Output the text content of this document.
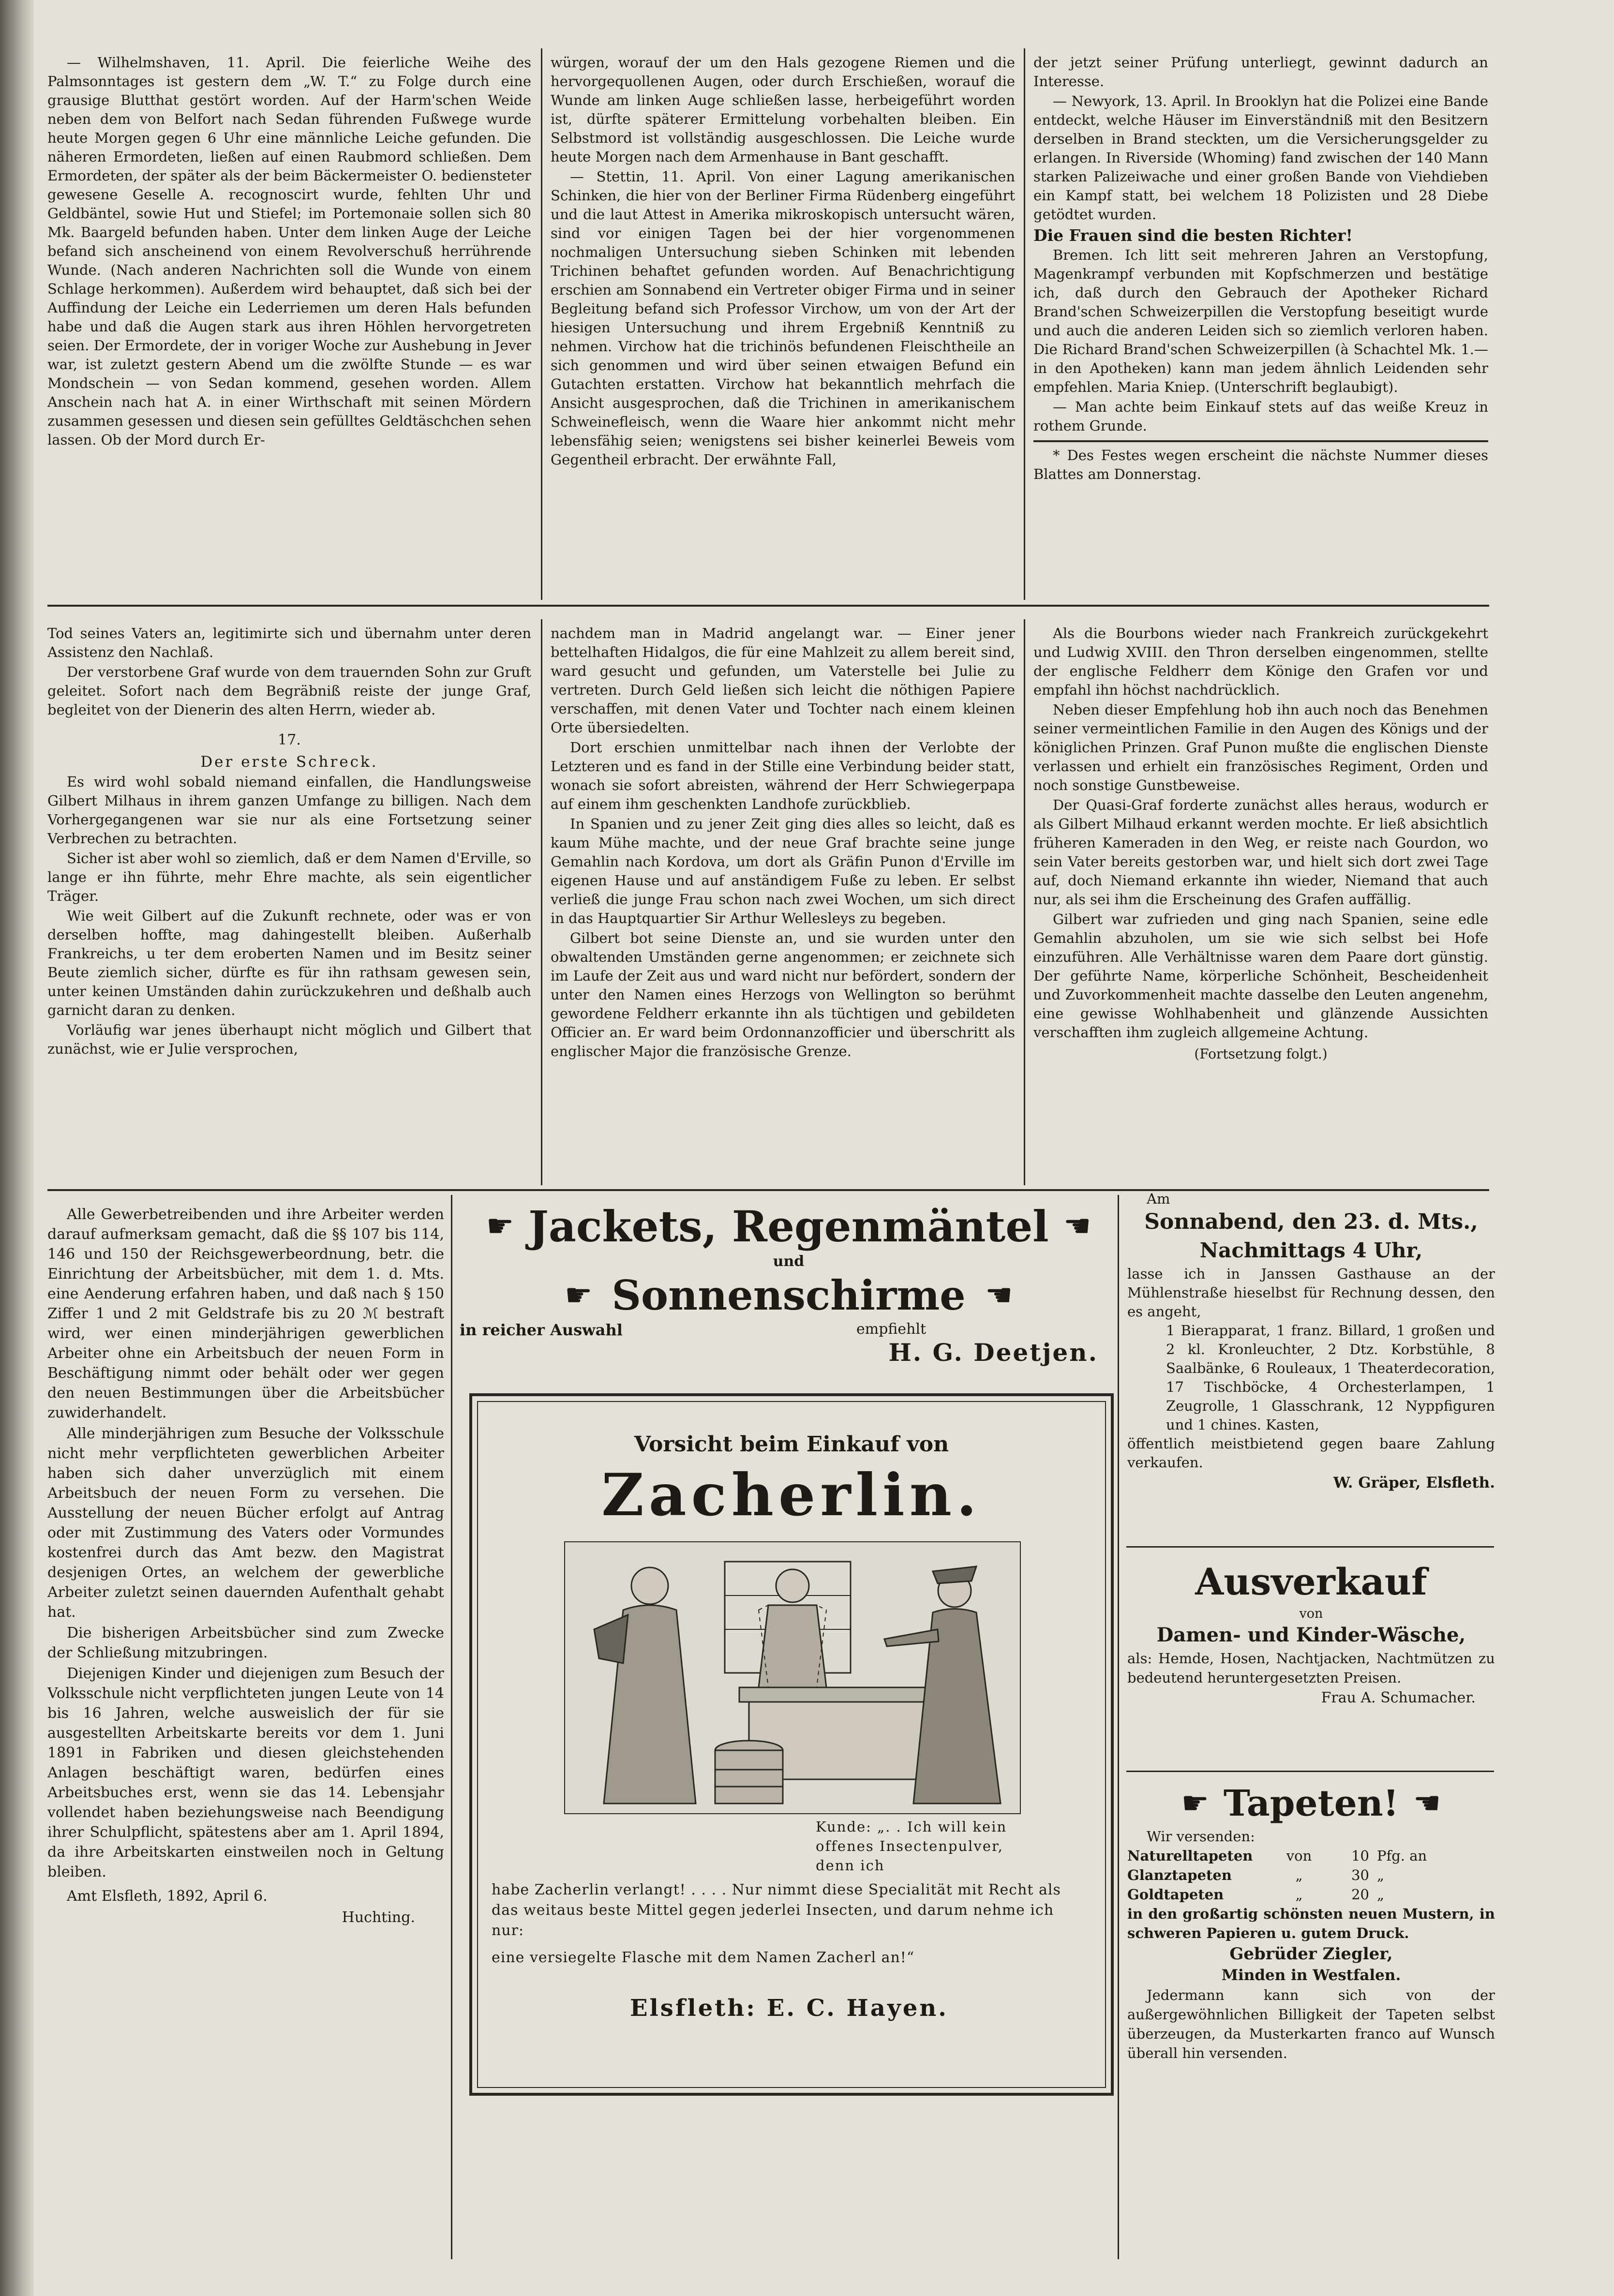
— Wilhelmshaven, 11. April. Die feierliche Weihe des Palmsonntages ist gestern dem „W. T.“ zu Folge durch eine grausige Blutthat gestört worden. Auf der Harm'schen Weide neben dem von Belfort nach Sedan führenden Fußwege wurde heute Morgen gegen 6 Uhr eine männliche Leiche gefunden. Die näheren Ermordeten, ließen auf einen Raubmord schließen. Dem Ermordeten, der später als der beim Bäckermeister O. bediensteter gewesene Geselle A. recognoscirt wurde, fehlten Uhr und Geldbäntel, sowie Hut und Stiefel; im Portemonaie sollen sich 80 Mk. Baargeld befunden haben. Unter dem linken Auge der Leiche befand sich anscheinend von einem Revolverschuß herrührende Wunde. (Nach anderen Nachrichten soll die Wunde von einem Schlage herkommen). Außerdem wird behauptet, daß sich bei der Auffindung der Leiche ein Lederriemen um deren Hals befunden habe und daß die Augen stark aus ihren Höhlen hervorgetreten seien. Der Ermordete, der in voriger Woche zur Aushebung in Jever war, ist zuletzt gestern Abend um die zwölfte Stunde — es war Mondschein — von Sedan kommend, gesehen worden. Allem Anschein nach hat A. in einer Wirthschaft mit seinen Mördern zusammen gesessen und diesen sein gefülltes Geldtäschchen sehen lassen. Ob der Mord durch Er-

würgen, worauf der um den Hals gezogene Riemen und die hervorgequollenen Augen, oder durch Erschießen, worauf die Wunde am linken Auge schließen lasse, herbeigeführt worden ist, dürfte späterer Ermittelung vorbehalten bleiben. Ein Selbstmord ist vollständig ausgeschlossen. Die Leiche wurde heute Morgen nach dem Armenhause in Bant geschafft.

— Stettin, 11. April. Von einer Lagung amerikanischen Schinken, die hier von der Berliner Firma Rüdenberg eingeführt und die laut Attest in Amerika mikroskopisch untersucht wären, sind vor einigen Tagen bei der hier vorgenommenen nochmaligen Untersuchung sieben Schinken mit lebenden Trichinen behaftet gefunden worden. Auf Benachrichtigung erschien am Sonnabend ein Vertreter obiger Firma und in seiner Begleitung befand sich Professor Virchow, um von der Art der hiesigen Untersuchung und ihrem Ergebniß Kenntniß zu nehmen. Virchow hat die trichinös befundenen Fleischtheile an sich genommen und wird über seinen etwaigen Befund ein Gutachten erstatten. Virchow hat bekanntlich mehrfach die Ansicht ausgesprochen, daß die Trichinen in amerikanischem Schweinefleisch, wenn die Waare hier ankommt nicht mehr lebensfähig seien; wenigstens sei bisher keinerlei Beweis vom Gegentheil erbracht. Der erwähnte Fall,

der jetzt seiner Prüfung unterliegt, gewinnt dadurch an Interesse.

— Newyork, 13. April. In Brooklyn hat die Polizei eine Bande entdeckt, welche Häuser im Einverständniß mit den Besitzern derselben in Brand steckten, um die Versicherungsgelder zu erlangen. In Riverside (Whoming) fand zwischen der 140 Mann starken Palizeiwache und einer großen Bande von Viehdieben ein Kampf statt, bei welchem 18 Polizisten und 28 Diebe getödtet wurden.

Die Frauen sind die besten Richter!

Bremen. Ich litt seit mehreren Jahren an Verstopfung, Magenkrampf verbunden mit Kopfschmerzen und bestätige ich, daß durch den Gebrauch der Apotheker Richard Brand'schen Schweizerpillen die Verstopfung beseitigt wurde und auch die anderen Leiden sich so ziemlich verloren haben. Die Richard Brand'schen Schweizerpillen (à Schachtel Mk. 1.— in den Apotheken) kann man jedem ähnlich Leidenden sehr empfehlen. Maria Kniep. (Unterschrift beglaubigt).

— Man achte beim Einkauf stets auf das weiße Kreuz in rothem Grunde.

* Des Festes wegen erscheint die nächste Nummer dieses Blattes am Donnerstag.

Tod seines Vaters an, legitimirte sich und übernahm unter deren Assistenz den Nachlaß.

Der verstorbene Graf wurde von dem trauernden Sohn zur Gruft geleitet. Sofort nach dem Begräbniß reiste der junge Graf, begleitet von der Dienerin des alten Herrn, wieder ab.

17.
Der erste Schreck.

Es wird wohl sobald niemand einfallen, die Handlungsweise Gilbert Milhaus in ihrem ganzen Umfange zu billigen. Nach dem Vorhergegangenen war sie nur als eine Fortsetzung seiner Verbrechen zu betrachten.

Sicher ist aber wohl so ziemlich, daß er dem Namen d'Erville, so lange er ihn führte, mehr Ehre machte, als sein eigentlicher Träger.

Wie weit Gilbert auf die Zukunft rechnete, oder was er von derselben hoffte, mag dahingestellt bleiben. Außerhalb Frankreichs, u ter dem eroberten Namen und im Besitz seiner Beute ziemlich sicher, dürfte es für ihn rathsam gewesen sein, unter keinen Umständen dahin zurückzukehren und deßhalb auch garnicht daran zu denken.

Vorläufig war jenes überhaupt nicht möglich und Gilbert that zunächst, wie er Julie versprochen,

nachdem man in Madrid angelangt war. — Einer jener bettelhaften Hidalgos, die für eine Mahlzeit zu allem bereit sind, ward gesucht und gefunden, um Vaterstelle bei Julie zu vertreten. Durch Geld ließen sich leicht die nöthigen Papiere verschaffen, mit denen Vater und Tochter nach einem kleinen Orte übersiedelten.

Dort erschien unmittelbar nach ihnen der Verlobte der Letzteren und es fand in der Stille eine Verbindung beider statt, wonach sie sofort abreisten, während der Herr Schwiegerpapa auf einem ihm geschenkten Landhofe zurückblieb.

In Spanien und zu jener Zeit ging dies alles so leicht, daß es kaum Mühe machte, und der neue Graf brachte seine junge Gemahlin nach Kordova, um dort als Gräfin Punon d'Erville im eigenen Hause und auf anständigem Fuße zu leben. Er selbst verließ die junge Frau schon nach zwei Wochen, um sich direct in das Hauptquartier Sir Arthur Wellesleys zu begeben.

Gilbert bot seine Dienste an, und sie wurden unter den obwaltenden Umständen gerne angenommen; er zeichnete sich im Laufe der Zeit aus und ward nicht nur befördert, sondern der unter den Namen eines Herzogs von Wellington so berühmt gewordene Feldherr erkannte ihn als tüchtigen und gebildeten Officier an. Er ward beim Ordonnanzofficier und überschritt als englischer Major die französische Grenze.

Als die Bourbons wieder nach Frankreich zurückgekehrt und Ludwig XVIII. den Thron derselben eingenommen, stellte der englische Feldherr dem Könige den Grafen vor und empfahl ihn höchst nachdrücklich.

Neben dieser Empfehlung hob ihn auch noch das Benehmen seiner vermeintlichen Familie in den Augen des Königs und der königlichen Prinzen. Graf Punon mußte die englischen Dienste verlassen und erhielt ein französisches Regiment, Orden und noch sonstige Gunstbeweise.

Der Quasi-Graf forderte zunächst alles heraus, wodurch er als Gilbert Milhaud erkannt werden mochte. Er ließ absichtlich früheren Kameraden in den Weg, er reiste nach Gourdon, wo sein Vater bereits gestorben war, und hielt sich dort zwei Tage auf, doch Niemand erkannte ihn wieder, Niemand that auch nur, als sei ihm die Erscheinung des Grafen auffällig.

Gilbert war zufrieden und ging nach Spanien, seine edle Gemahlin abzuholen, um sie wie sich selbst bei Hofe einzuführen. Alle Verhältnisse waren dem Paare dort günstig. Der geführte Name, körperliche Schönheit, Bescheidenheit und Zuvorkommenheit machte dasselbe den Leuten angenehm, eine gewisse Wohlhabenheit und glänzende Aussichten verschafften ihm zugleich allgemeine Achtung.

(Fortsetzung folgt.)

Alle Gewerbetreibenden und ihre Arbeiter werden darauf aufmerksam gemacht, daß die §§ 107 bis 114, 146 und 150 der Reichsgewerbeordnung, betr. die Einrichtung der Arbeitsbücher, mit dem 1. d. Mts. eine Aenderung erfahren haben, und daß nach § 150 Ziffer 1 und 2 mit Geldstrafe bis zu 20 ℳ bestraft wird, wer einen minderjährigen gewerblichen Arbeiter ohne ein Arbeitsbuch der neuen Form in Beschäftigung nimmt oder behält oder wer gegen den neuen Bestimmungen über die Arbeitsbücher zuwiderhandelt.

Alle minderjährigen zum Besuche der Volksschule nicht mehr verpflichteten gewerblichen Arbeiter haben sich daher unverzüglich mit einem Arbeitsbuch der neuen Form zu versehen. Die Ausstellung der neuen Bücher erfolgt auf Antrag oder mit Zustimmung des Vaters oder Vormundes kostenfrei durch das Amt bezw. den Magistrat desjenigen Ortes, an welchem der gewerbliche Arbeiter zuletzt seinen dauernden Aufenthalt gehabt hat.

Die bisherigen Arbeitsbücher sind zum Zwecke der Schließung mitzubringen.

Diejenigen Kinder und diejenigen zum Besuch der Volksschule nicht verpflichteten jungen Leute von 14 bis 16 Jahren, welche ausweislich der für sie ausgestellten Arbeitskarte bereits vor dem 1. Juni 1891 in Fabriken und diesen gleichstehenden Anlagen beschäftigt waren, bedürfen eines Arbeitsbuches erst, wenn sie das 14. Lebensjahr vollendet haben beziehungsweise nach Beendigung ihrer Schulpflicht, spätestens aber am 1. April 1894, da ihre Arbeitskarten einstweilen noch in Geltung bleiben.

Amt Elsfleth, 1892, April 6.
Huchting.
☛ Jackets, Regenmäntel ☛
und
☛ Sonnenschirme ☛
in reicher Auswahl	empfiehlt
H. G. Deetjen.
Vorsicht beim Einkauf von
Zacherlin.
Kunde: „. . Ich will kein offenes Insectenpulver, denn ich
habe Zacherlin verlangt! . . . . Nur nimmt diese Specialität mit Recht als das weitaus beste Mittel gegen jederlei Insecten, und darum nehme ich nur:
eine versiegelte Flasche mit dem Namen Zacherl an!“
Elsfleth: E. C. Hayen.
Am
Sonnabend, den 23. d. Mts.,
Nachmittags 4 Uhr,

lasse ich in Janssen Gasthause an der Mühlenstraße hieselbst für Rechnung dessen, den es angeht,

1 Bierapparat, 1 franz. Billard, 1 großen und 2 kl. Kronleuchter, 2 Dtz. Korbstühle, 8 Saalbänke, 6 Rouleaux, 1 Theaterdecoration, 17 Tischböcke, 4 Orchesterlampen, 1 Zeugrolle, 1 Glasschrank, 12 Nyppfiguren und 1 chines. Kasten,

öffentlich meistbietend gegen baare Zahlung verkaufen.

W. Gräper, Elsfleth.
Ausverkauf
von
Damen- und Kinder-Wäsche,

als: Hemde, Hosen, Nachtjacken, Nachtmützen zu bedeutend heruntergesetzten Preisen.

Frau A. Schumacher.
☛ Tapeten! ☛
Wir versenden:
Naturelltapeten	von	10 Pfg. an
Glanztapeten	„	30 „
Goldtapeten	„	20 „

in den großartig schönsten neuen Mustern, in schweren Papieren u. gutem Druck.

Gebrüder Ziegler,
Minden in Westfalen.

Jedermann kann sich von der außergewöhnlichen Billigkeit der Tapeten selbst überzeugen, da Musterkarten franco auf Wunsch überall hin versenden.
